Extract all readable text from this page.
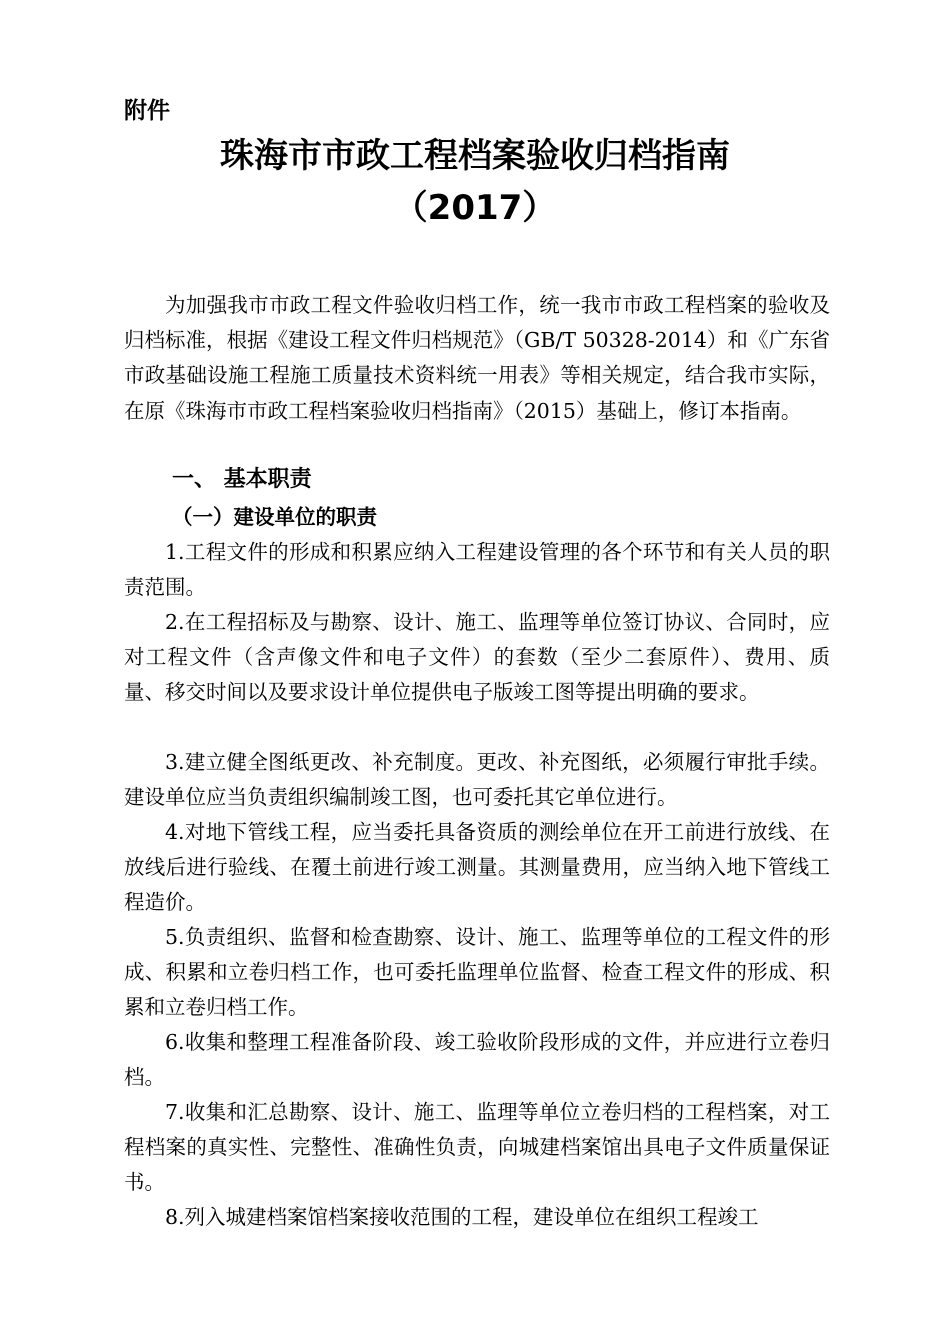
附件
珠海市市政工程档案验收归档指南
（2017）

为加强我市市政工程文件验收归档工作，统一我市市政工程档案的验收及归档标准，根据《建设工程文件归档规范》（GB/T 50328-2014）和《广东省市政基础设施工程施工质量技术资料统一用表》等相关规定，结合我市实际，在原《珠海市市政工程档案验收归档指南》（2015）基础上，修订本指南。

一、 基本职责

（一）建设单位的职责

1.工程文件的形成和积累应纳入工程建设管理的各个环节和有关人员的职责范围。

2.在工程招标及与勘察、设计、施工、监理等单位签订协议、合同时，应对工程文件（含声像文件和电子文件）的套数（至少二套原件）、费用、质量、移交时间以及要求设计单位提供电子版竣工图等提出明确的要求。

3.建立健全图纸更改、补充制度。更改、补充图纸，必须履行审批手续。建设单位应当负责组织编制竣工图，也可委托其它单位进行。

4.对地下管线工程，应当委托具备资质的测绘单位在开工前进行放线、在放线后进行验线、在覆土前进行竣工测量。其测量费用，应当纳入地下管线工程造价。

5.负责组织、监督和检查勘察、设计、施工、监理等单位的工程文件的形成、积累和立卷归档工作，也可委托监理单位监督、检查工程文件的形成、积累和立卷归档工作。

6.收集和整理工程准备阶段、竣工验收阶段形成的文件，并应进行立卷归档。

7.收集和汇总勘察、设计、施工、监理等单位立卷归档的工程档案，对工程档案的真实性、完整性、准确性负责，向城建档案馆出具电子文件质量保证书。

8.列入城建档案馆档案接收范围的工程，建设单位在组织工程竣工
